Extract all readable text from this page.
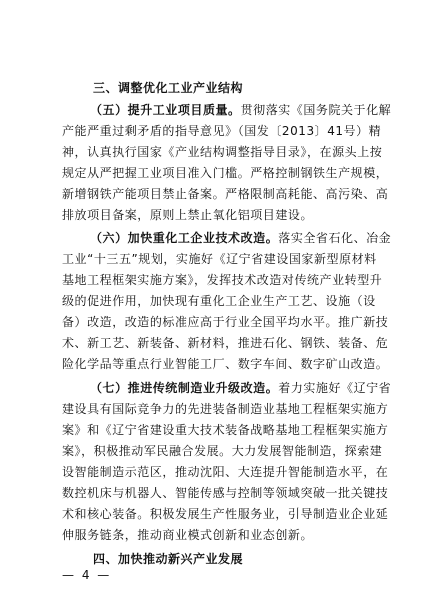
三、调整优化工业产业结构
（五）提升工业项目质量。贯彻落实《国务院关于化解
产能严重过剩矛盾的指导意见》（国发〔2013〕41号）精
神，认真执行国家《产业结构调整指导目录》，在源头上按
规定从严把握工业项目准入门槛。严格控制钢铁生产规模，
新增钢铁产能项目禁止备案。严格限制高耗能、高污染、高
排放项目备案，原则上禁止氧化铝项目建设。
（六）加快重化工企业技术改造。落实全省石化、冶金
工业“十三五”规划，实施好《辽宁省建设国家新型原材料
基地工程框架实施方案》，发挥技术改造对传统产业转型升
级的促进作用，加快现有重化工企业生产工艺、设施（设
备）改造，改造的标准应高于行业全国平均水平。推广新技
术、新工艺、新装备、新材料，推进石化、钢铁、装备、危
险化学品等重点行业智能工厂、数字车间、数字矿山改造。
（七）推进传统制造业升级改造。着力实施好《辽宁省
建设具有国际竞争力的先进装备制造业基地工程框架实施方
案》和《辽宁省建设重大技术装备战略基地工程框架实施方
案》，积极推动军民融合发展。大力发展智能制造，探索建
设智能制造示范区，推动沈阳、大连提升智能制造水平，在
数控机床与机器人、智能传感与控制等领域突破一批关键技
术和核心装备。积极发展生产性服务业，引导制造业企业延
伸服务链条，推动商业模式创新和业态创新。
四、加快推动新兴产业发展
— 4 —
